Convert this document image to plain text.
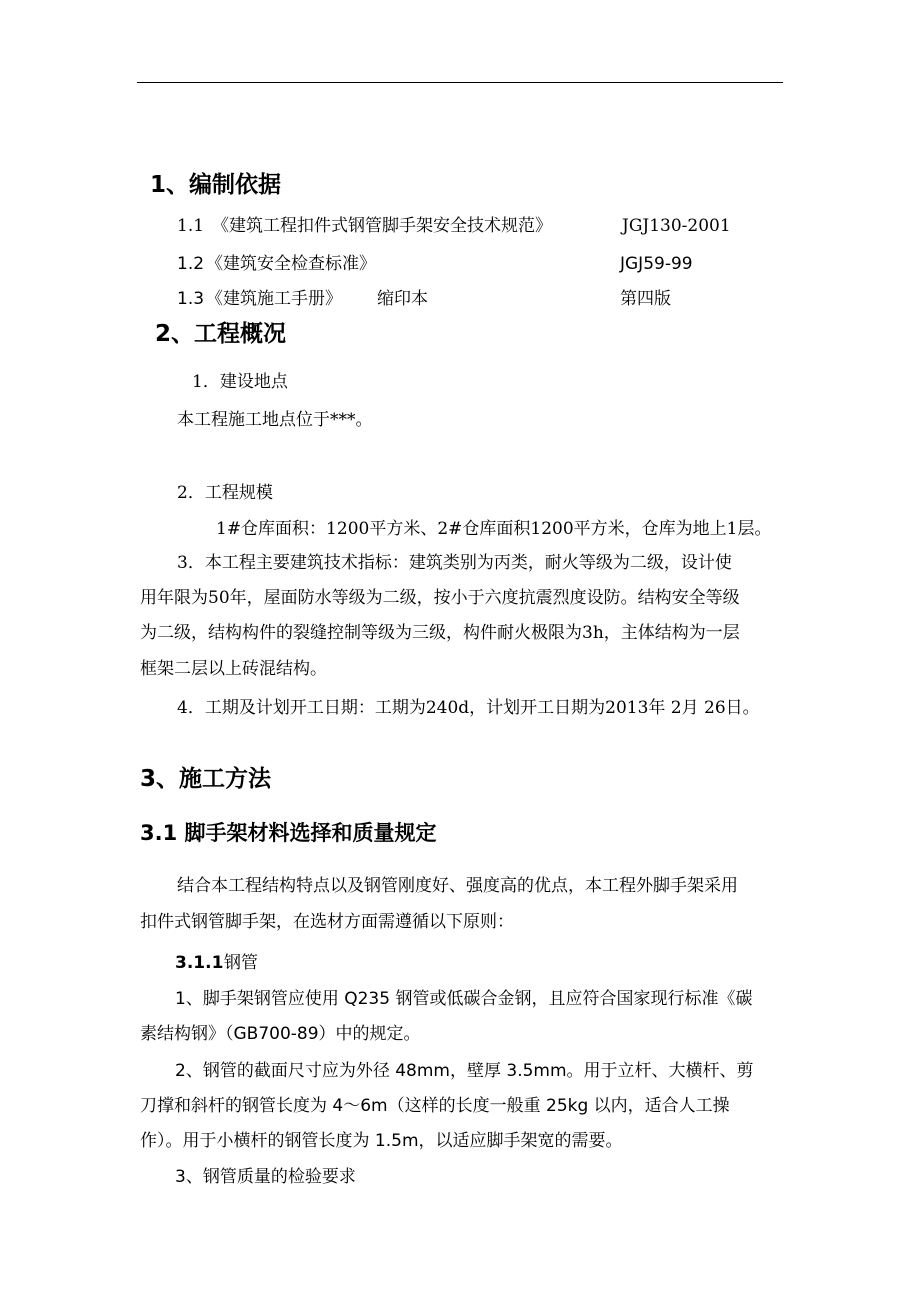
1、编制依据
1.1 《建筑工程扣件式钢管脚手架安全技术规范》	JGJ130-2001
1.2 《建筑安全检查标准》	JGJ59-99
1.3 《建筑施工手册》 缩印本	第四版
2、工程概况
1．建设地点
本工程施工地点位于***。
2．工程规模
1#仓库面积：1200平方米、2#仓库面积1200平方米，仓库为地上1层。
3．本工程主要建筑技术指标：建筑类别为丙类，耐火等级为二级，设计使
用年限为50年，屋面防水等级为二级，按小于六度抗震烈度设防。结构安全等级
为二级，结构构件的裂缝控制等级为三级，构件耐火极限为3h，主体结构为一层
框架二层以上砖混结构。
4．工期及计划开工日期：工期为240d，计划开工日期为2013年 2月 26日。
3、施工方法
3.1 脚手架材料选择和质量规定
结合本工程结构特点以及钢管刚度好、强度高的优点，本工程外脚手架采用
扣件式钢管脚手架，在选材方面需遵循以下原则：
3.1.1 钢管
1、脚手架钢管应使用 Q235 钢管或低碳合金钢，且应符合国家现行标准《碳
素结构钢》（GB700-89）中的规定。
2、钢管的截面尺寸应为外径 48mm，壁厚 3.5mm。用于立杆、大横杆、剪
刀撑和斜杆的钢管长度为 4～6m（这样的长度一般重 25kg 以内，适合人工操
作）。用于小横杆的钢管长度为 1.5m，以适应脚手架宽的需要。
3、钢管质量的检验要求
